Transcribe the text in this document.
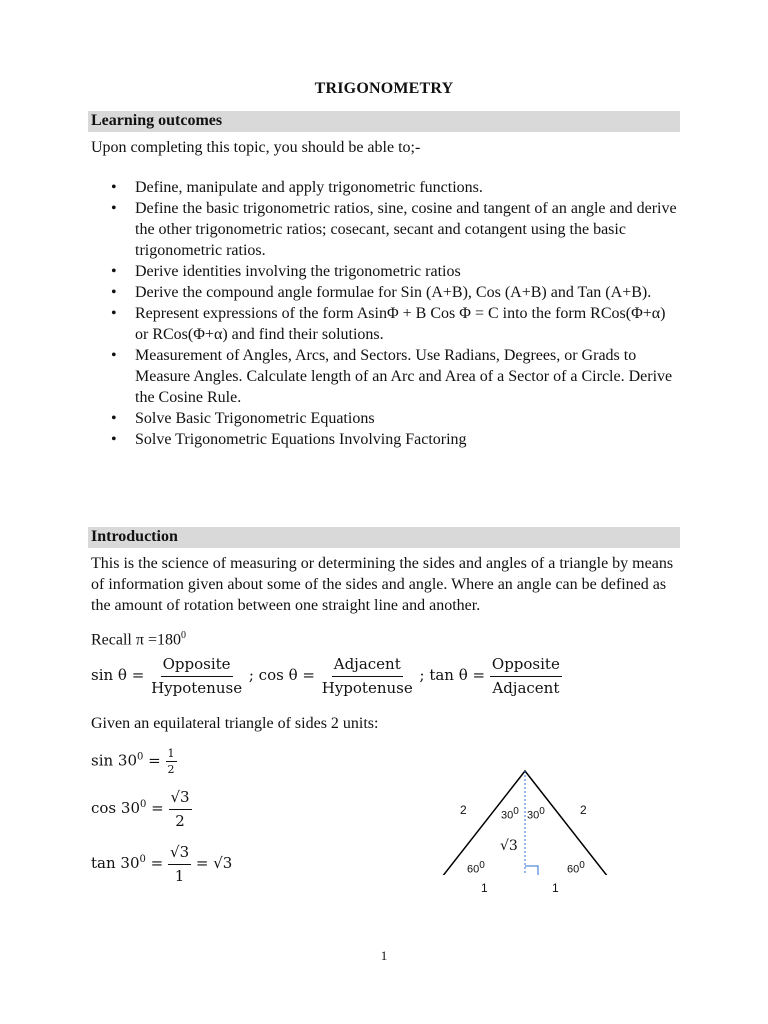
TRIGONOMETRY
Learning outcomes
Upon completing this topic, you should be able to;-
• Define, manipulate and apply trigonometric functions.
• Define the basic trigonometric ratios, sine, cosine and tangent of an angle and derive the other trigonometric ratios; cosecant, secant and cotangent using the basic trigonometric ratios.
• Derive identities involving the trigonometric ratios
• Derive the compound angle formulae for Sin (A+B), Cos (A+B) and Tan (A+B).
• Represent expressions of the form AsinΦ + B Cos Φ = C into the form RCos(Φ+α) or RCos(Φ+α) and find their solutions.
• Measurement of Angles, Arcs, and Sectors. Use Radians, Degrees, or Grads to Measure Angles. Calculate length of an Arc and Area of a Sector of a Circle. Derive the Cosine Rule.
• Solve Basic Trigonometric Equations
• Solve Trigonometric Equations Involving Factoring
Introduction
This is the science of measuring or determining the sides and angles of a triangle by means of information given about some of the sides and angle. Where an angle can be defined as the amount of rotation between one straight line and another.
Recall $\pi =180^0$
$\sin \theta = \frac{\text{Opposite}}{\text{Hypotenuse}}$ ; $\cos \theta = \frac{\text{Adjacent}}{\text{Hypotenuse}}$ ; $\tan \theta = \frac{\text{Opposite}}{\text{Adjacent}}$
Given an equilateral triangle of sides 2 units:
$\sin 30^0 = \frac{1}{2}$
$\cos 30^0 = \frac{√3}{2}$
$\tan 30^0 = \frac{√3}{1} = √3$
2	2
$30^0$ $30^0$
√3
$60^0$	$60^0$
1	1
1
